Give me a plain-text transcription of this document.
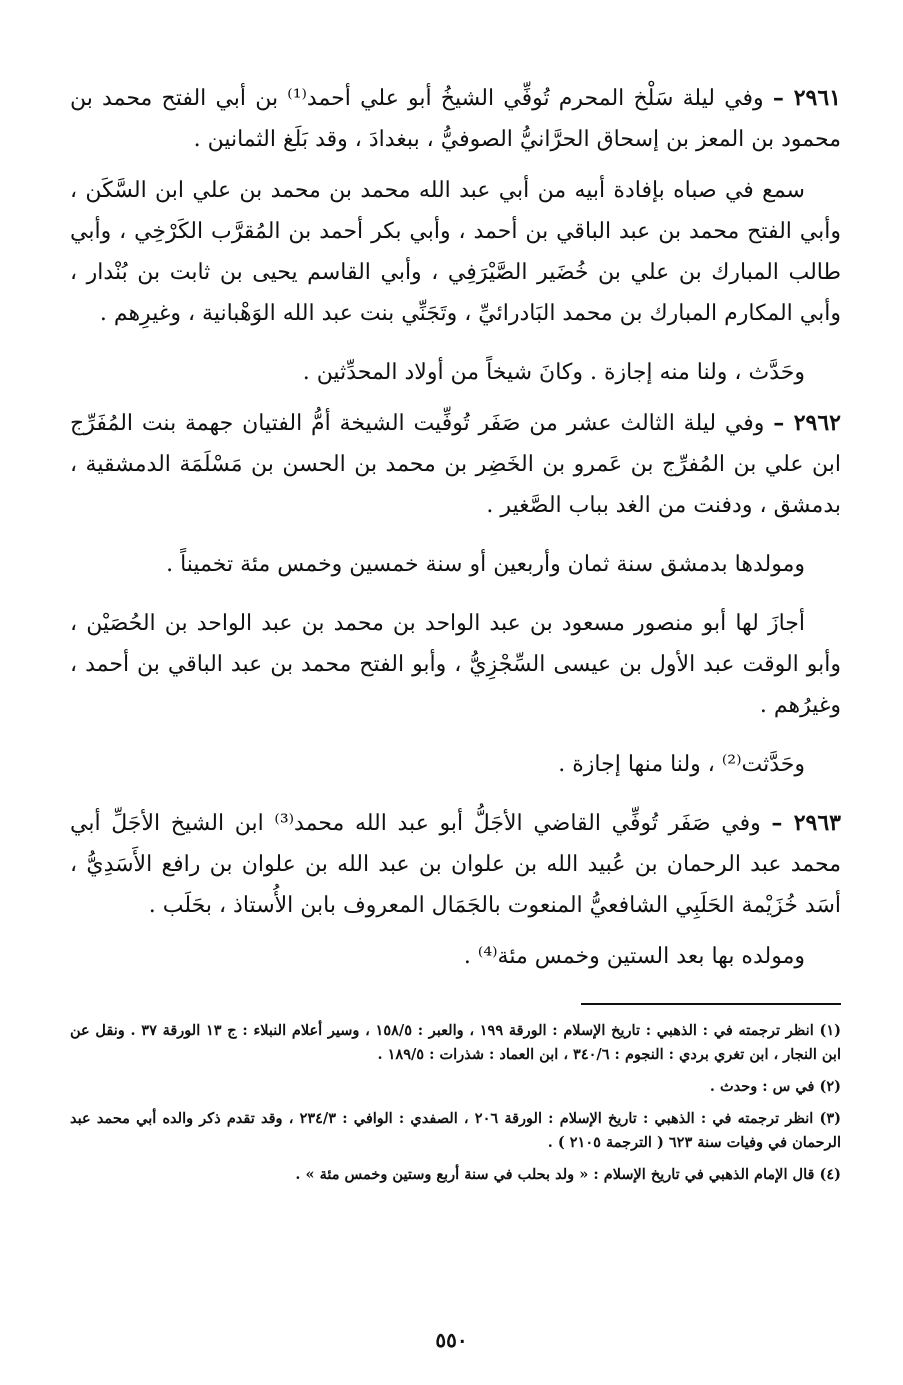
٢٩٦١ – وفي ليلة سَلْخ المحرم تُوفِّي الشيخُ أبو علي أحمد⁽¹⁾ بن أبي الفتح محمد بن محمود بن المعز بن إسحاق الحرَّانيُّ الصوفيُّ ، ببغدادَ ، وقد بَلَغ الثمانين .

سمع في صباه بإفادة أبيه من أبي عبد الله محمد بن محمد بن علي ابن السَّكَن ، وأبي الفتح محمد بن عبد الباقي بن أحمد ، وأبي بكر أحمد بن المُقرَّب الكَرْخِي ، وأبي طالب المبارك بن علي بن خُضَير الصَّيْرَفِي ، وأبي القاسم يحيى بن ثابت بن بُنْدار ، وأبي المكارم المبارك بن محمد البَادرائيِّ ، وتَجَنِّي بنت عبد الله الوَهْبانية ، وغيرِهم .

وحَدَّث ، ولنا منه إجازة . وكانَ شيخاً من أولاد المحدِّثين .

٢٩٦٢ – وفي ليلة الثالث عشر من صَفَر تُوفِّيت الشيخة أمُّ الفتيان جهمة بنت المُفَرِّج ابن علي بن المُفرِّج بن عَمرو بن الخَضِر بن محمد بن الحسن بن مَسْلَمَة الدمشقية ، بدمشق ، ودفنت من الغد بباب الصَّغير .

ومولدها بدمشق سنة ثمان وأربعين أو سنة خمسين وخمس مئة تخميناً .

أجازَ لها أبو منصور مسعود بن عبد الواحد بن محمد بن عبد الواحد بن الحُصَيْن ، وأبو الوقت عبد الأول بن عيسى السِّجْزِيُّ ، وأبو الفتح محمد بن عبد الباقي بن أحمد ، وغيرُهم .

وحَدَّثت⁽²⁾ ، ولنا منها إجازة .

٢٩٦٣ – وفي صَفَر تُوفِّي القاضي الأجَلُّ أبو عبد الله محمد⁽³⁾ ابن الشيخ الأجَلِّ أبي محمد عبد الرحمان بن عُبيد الله بن علوان بن عبد الله بن علوان بن رافع الأَسَدِيُّ ، أسَد خُزَيْمة الحَلَبِي الشافعيُّ المنعوت بالجَمَال المعروف بابن الأُستاذ ، بحَلَب .

ومولده بها بعد الستين وخمس مئة⁽⁴⁾ .

(١) انظر ترجمته في : الذهبي : تاريخ الإسلام : الورقة ١٩٩ ، والعبر : ١٥٨/٥ ، وسير أعلام النبلاء : ج ١٣ الورقة ٣٧ . ونقل عن ابن النجار ، ابن تغري بردي : النجوم : ٣٤٠/٦ ، ابن العماد : شذرات : ١٨٩/٥ .

(٢) في س : وحدث .

(٣) انظر ترجمته في : الذهبي : تاريخ الإسلام : الورقة ٢٠٦ ، الصفدي : الوافي : ٢٣٤/٣ ، وقد تقدم ذكر والده أبي محمد عبد الرحمان في وفيات سنة ٦٢٣ ( الترجمة ٢١٠٥ ) .

(٤) قال الإمام الذهبي في تاريخ الإسلام : « ولد بحلب في سنة أربع وستين وخمس مئة » .

٥٥٠
